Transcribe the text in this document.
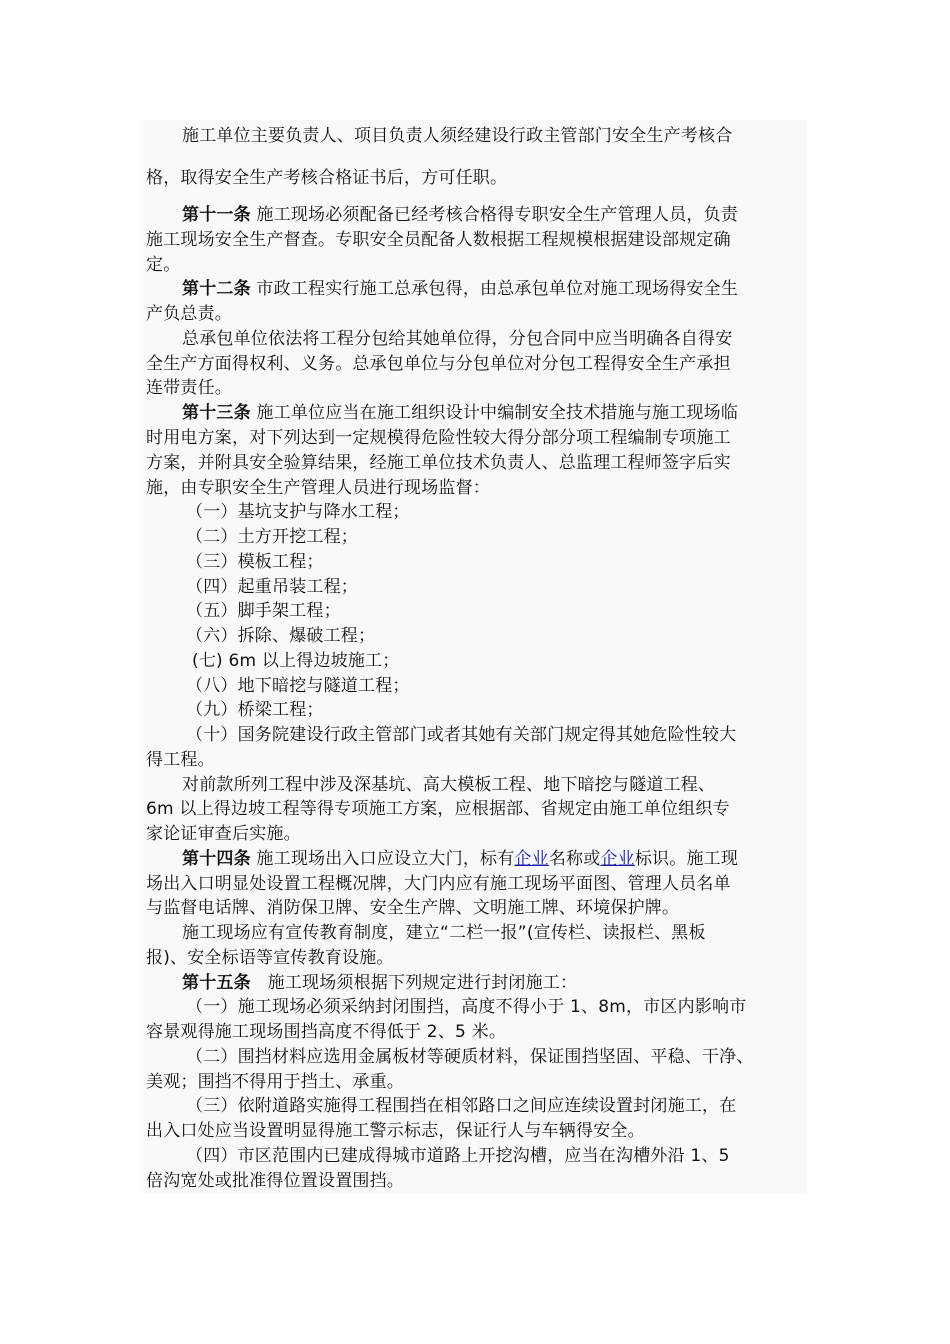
施工单位主要负责人、项目负责人须经建设行政主管部门安全生产考核合
格，取得安全生产考核合格证书后，方可任职。
第十一条 施工现场必须配备已经考核合格得专职安全生产管理人员，负责
施工现场安全生产督查。专职安全员配备人数根据工程规模根据建设部规定确
定。
第十二条 市政工程实行施工总承包得，由总承包单位对施工现场得安全生
产负总责。
总承包单位依法将工程分包给其她单位得，分包合同中应当明确各自得安
全生产方面得权利、义务。总承包单位与分包单位对分包工程得安全生产承担
连带责任。
第十三条 施工单位应当在施工组织设计中编制安全技术措施与施工现场临
时用电方案，对下列达到一定规模得危险性较大得分部分项工程编制专项施工
方案，并附具安全验算结果，经施工单位技术负责人、总监理工程师签字后实
施，由专职安全生产管理人员进行现场监督：
（一）基坑支护与降水工程；
（二）土方开挖工程；
（三）模板工程；
（四）起重吊装工程；
（五）脚手架工程；
（六）拆除、爆破工程；
(七) 6m 以上得边坡施工；
（八）地下暗挖与隧道工程；
（九）桥梁工程；
（十）国务院建设行政主管部门或者其她有关部门规定得其她危险性较大
得工程。
对前款所列工程中涉及深基坑、高大模板工程、地下暗挖与隧道工程、
6m 以上得边坡工程等得专项施工方案，应根据部、省规定由施工单位组织专
家论证审查后实施。
第十四条 施工现场出入口应设立大门，标有企业名称或企业标识。施工现
场出入口明显处设置工程概况牌，大门内应有施工现场平面图、管理人员名单
与监督电话牌、消防保卫牌、安全生产牌、文明施工牌、环境保护牌。
施工现场应有宣传教育制度，建立“二栏一报”(宣传栏、读报栏、黑板
报)、安全标语等宣传教育设施。
第十五条   施工现场须根据下列规定进行封闭施工：
（一）施工现场必须采纳封闭围挡，高度不得小于 1、8m，市区内影响市
容景观得施工现场围挡高度不得低于 2、5 米。
（二）围挡材料应选用金属板材等硬质材料，保证围挡坚固、平稳、干净、
美观；围挡不得用于挡土、承重。
（三）依附道路实施得工程围挡在相邻路口之间应连续设置封闭施工，在
出入口处应当设置明显得施工警示标志，保证行人与车辆得安全。
（四）市区范围内已建成得城市道路上开挖沟槽，应当在沟槽外沿 1、5
倍沟宽处或批准得位置设置围挡。
